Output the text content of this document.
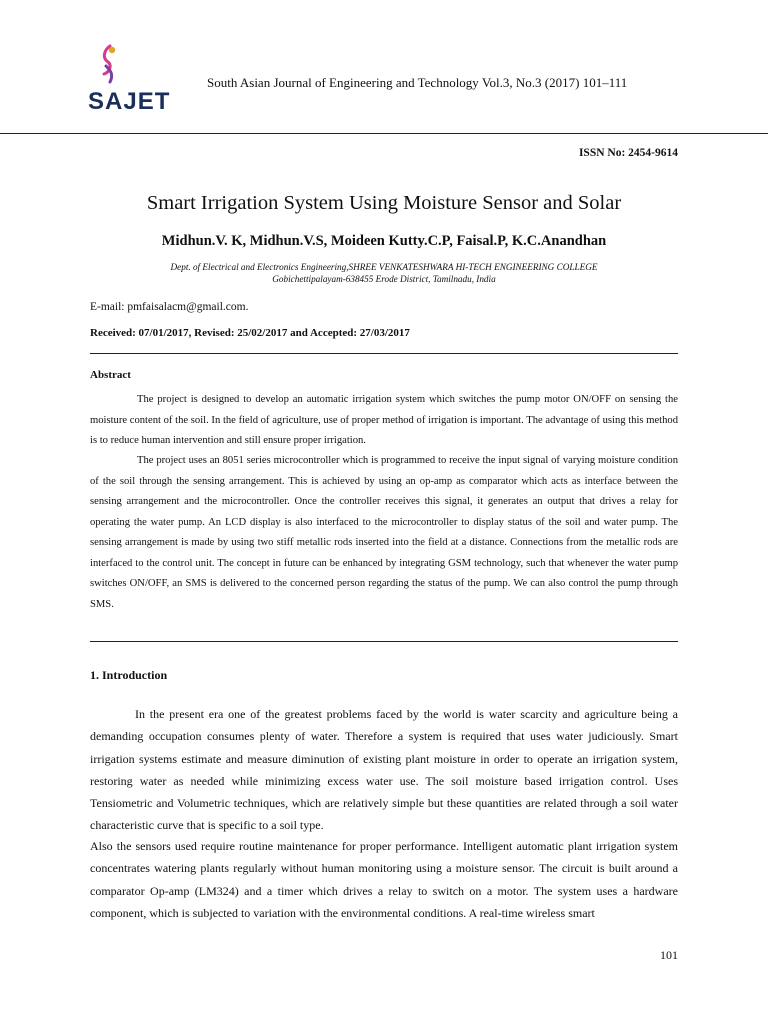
SAJET
South Asian Journal of Engineering and Technology Vol.3, No.3 (2017) 101–111
ISSN No: 2454-9614
Smart Irrigation System Using Moisture Sensor and Solar
Midhun.V. K, Midhun.V.S, Moideen Kutty.C.P, Faisal.P, K.C.Anandhan
Dept. of Electrical and Electronics Engineering,SHREE VENKATESHWARA HI-TECH ENGINEERING COLLEGE
Gobichettipalayam-638455 Erode District, Tamilnadu, India
E-mail: pmfaisalacm@gmail.com.
Received: 07/01/2017, Revised: 25/02/2017 and Accepted: 27/03/2017
Abstract

The project is designed to develop an automatic irrigation system which switches the pump motor ON/OFF on sensing the moisture content of the soil. In the field of agriculture, use of proper method of irrigation is important. The advantage of using this method is to reduce human intervention and still ensure proper irrigation.

The project uses an 8051 series microcontroller which is programmed to receive the input signal of varying moisture condition of the soil through the sensing arrangement. This is achieved by using an op-amp as comparator which acts as interface between the sensing arrangement and the microcontroller. Once the controller receives this signal, it generates an output that drives a relay for operating the water pump. An LCD display is also interfaced to the microcontroller to display status of the soil and water pump. The sensing arrangement is made by using two stiff metallic rods inserted into the field at a distance. Connections from the metallic rods are interfaced to the control unit. The concept in future can be enhanced by integrating GSM technology, such that whenever the water pump switches ON/OFF, an SMS is delivered to the concerned person regarding the status of the pump. We can also control the pump through SMS.

1. Introduction

In the present era one of the greatest problems faced by the world is water scarcity and agriculture being a demanding occupation consumes plenty of water. Therefore a system is required that uses water judiciously. Smart irrigation systems estimate and measure diminution of existing plant moisture in order to operate an irrigation system, restoring water as needed while minimizing excess water use. The soil moisture based irrigation control. Uses Tensiometric and Volumetric techniques, which are relatively simple but these quantities are related through a soil water characteristic curve that is specific to a soil type.

Also the sensors used require routine maintenance for proper performance. Intelligent automatic plant irrigation system concentrates watering plants regularly without human monitoring using a moisture sensor. The circuit is built around a comparator Op-amp (LM324) and a timer which drives a relay to switch on a motor. The system uses a hardware component, which is subjected to variation with the environmental conditions. A real-time wireless smart

101
